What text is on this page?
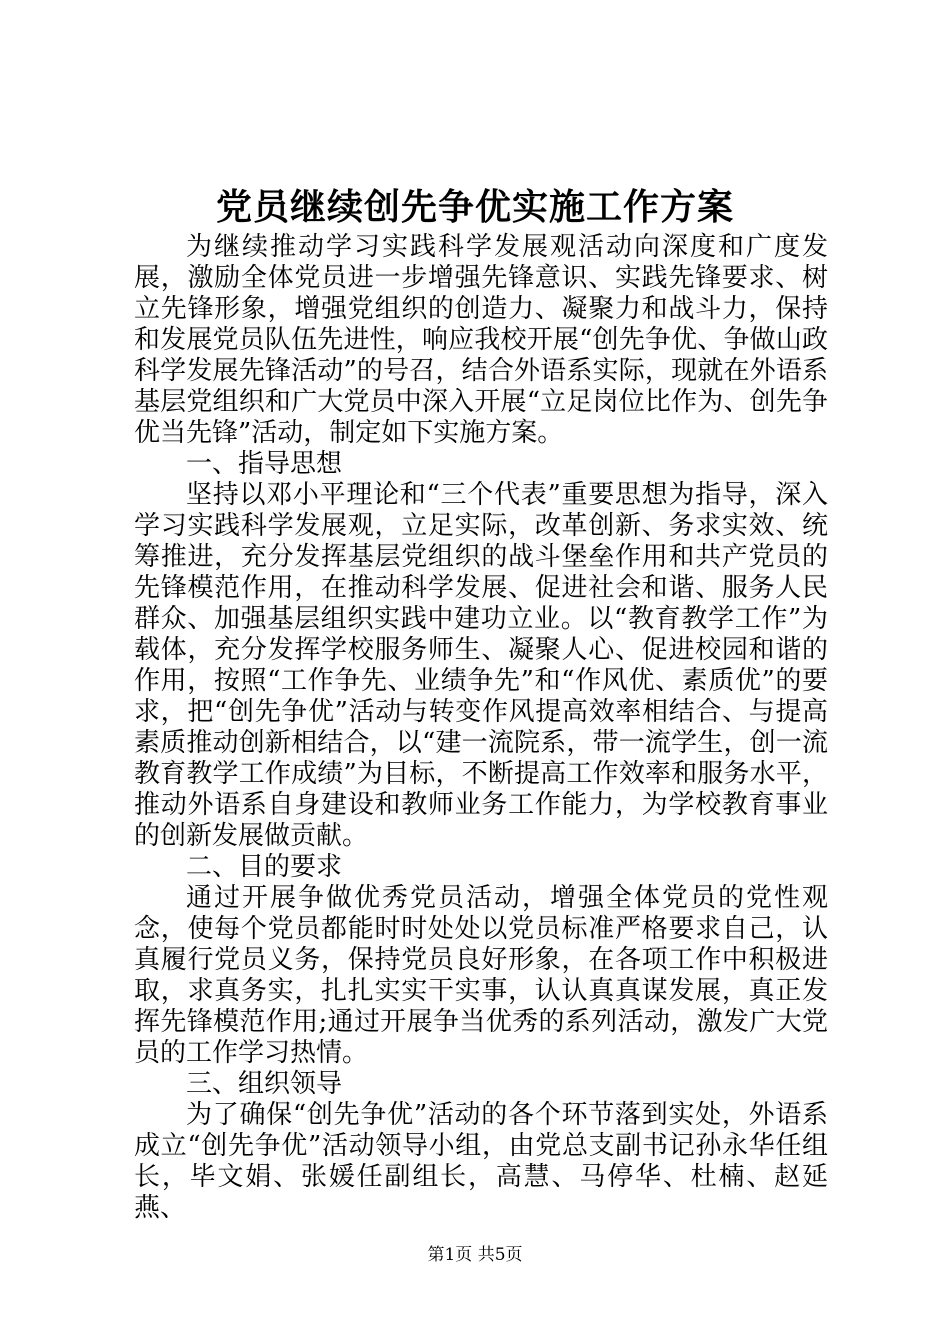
党员继续创先争优实施工作方案

为继续推动学习实践科学发展观活动向深度和广度发展，激励全体党员进一步增强先锋意识、实践先锋要求、树立先锋形象，增强党组织的创造力、凝聚力和战斗力，保持和发展党员队伍先进性，响应我校开展“创先争优、争做山政科学发展先锋活动”的号召，结合外语系实际，现就在外语系基层党组织和广大党员中深入开展“立足岗位比作为、创先争优当先锋”活动，制定如下实施方案。

一、指导思想

坚持以邓小平理论和“三个代表”重要思想为指导，深入学习实践科学发展观，立足实际，改革创新、务求实效、统筹推进，充分发挥基层党组织的战斗堡垒作用和共产党员的先锋模范作用，在推动科学发展、促进社会和谐、服务人民群众、加强基层组织实践中建功立业。以“教育教学工作”为载体，充分发挥学校服务师生、凝聚人心、促进校园和谐的作用，按照“工作争先、业绩争先”和“作风优、素质优”的要求，把“创先争优”活动与转变作风提高效率相结合、与提高素质推动创新相结合，以“建一流院系，带一流学生，创一流教育教学工作成绩”为目标，不断提高工作效率和服务水平，推动外语系自身建设和教师业务工作能力，为学校教育事业的创新发展做贡献。

二、目的要求

通过开展争做优秀党员活动，增强全体党员的党性观念，使每个党员都能时时处处以党员标准严格要求自己，认真履行党员义务，保持党员良好形象，在各项工作中积极进取，求真务实，扎扎实实干实事，认认真真谋发展，真正发挥先锋模范作用;通过开展争当优秀的系列活动，激发广大党员的工作学习热情。

三、组织领导

为了确保“创先争优”活动的各个环节落到实处，外语系成立“创先争优”活动领导小组，由党总支副书记孙永华任组长，毕文娟、张媛任副组长，高慧、马停华、杜楠、赵延燕、

第1页 共5页
